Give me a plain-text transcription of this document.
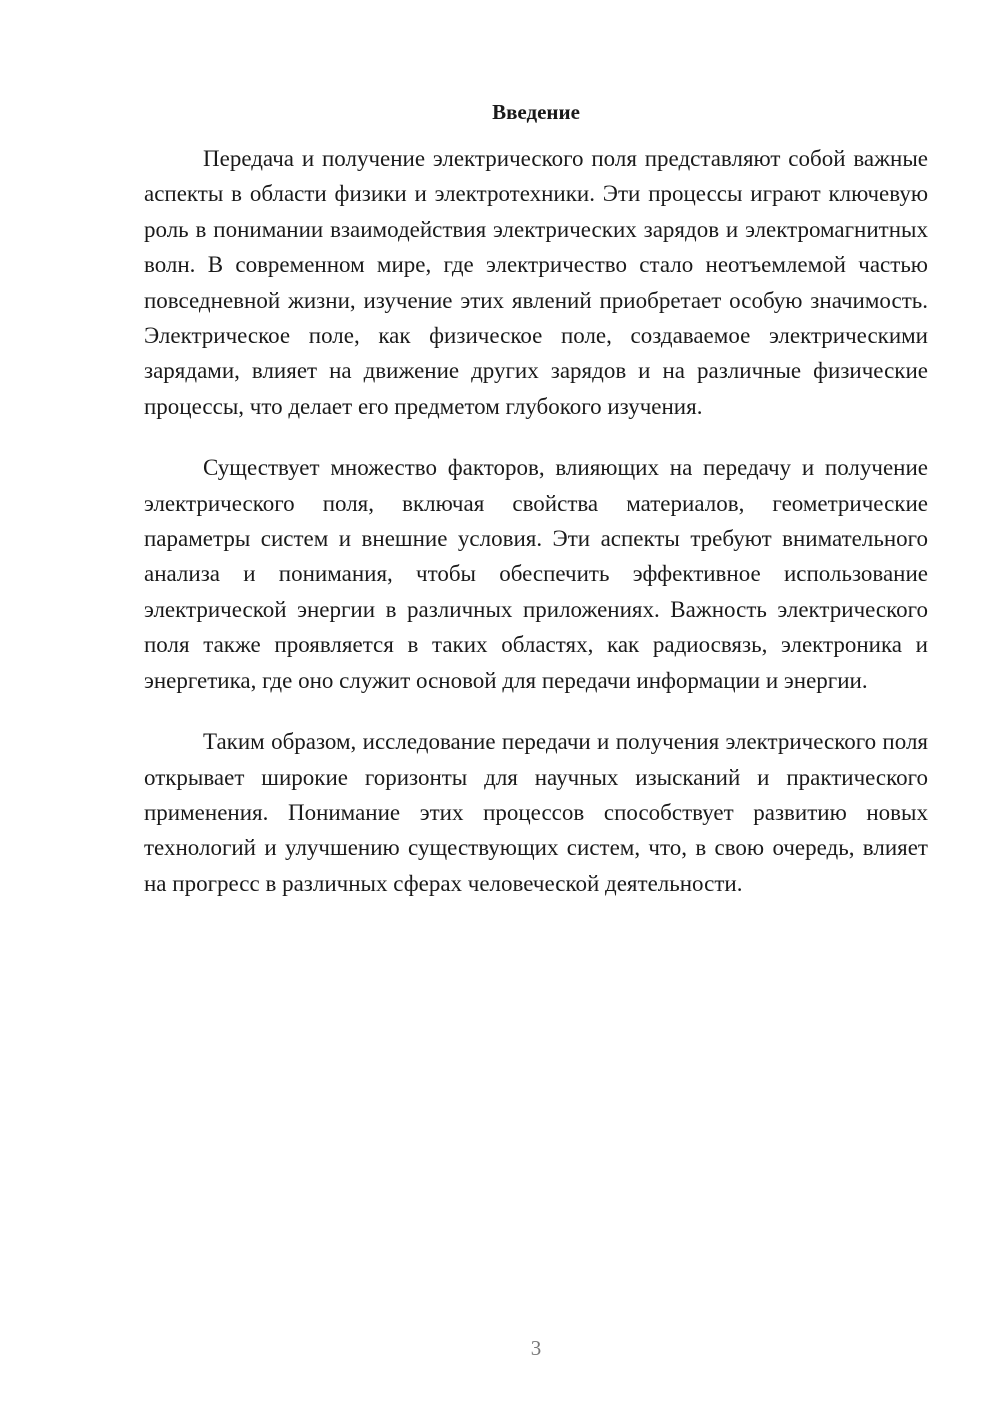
Введение

Передача и получение электрического поля представляют собой важные аспекты в области физики и электротехники. Эти процессы играют ключевую роль в понимании взаимодействия электрических зарядов и электромагнитных волн. В современном мире, где электричество стало неотъемлемой частью повседневной жизни, изучение этих явлений приобретает особую значимость. Электрическое поле, как физическое поле, создаваемое электрическими зарядами, влияет на движение других зарядов и на различные физические процессы, что делает его предметом глубокого изучения.

Существует множество факторов, влияющих на передачу и получение электрического поля, включая свойства материалов, геометрические параметры систем и внешние условия. Эти аспекты требуют внимательного анализа и понимания, чтобы обеспечить эффективное использование электрической энергии в различных приложениях. Важность электрического поля также проявляется в таких областях, как радиосвязь, электроника и энергетика, где оно служит основой для передачи информации и энергии.

Таким образом, исследование передачи и получения электрического поля открывает широкие горизонты для научных изысканий и практического применения. Понимание этих процессов способствует развитию новых технологий и улучшению существующих систем, что, в свою очередь, влияет на прогресс в различных сферах человеческой деятельности.

3
